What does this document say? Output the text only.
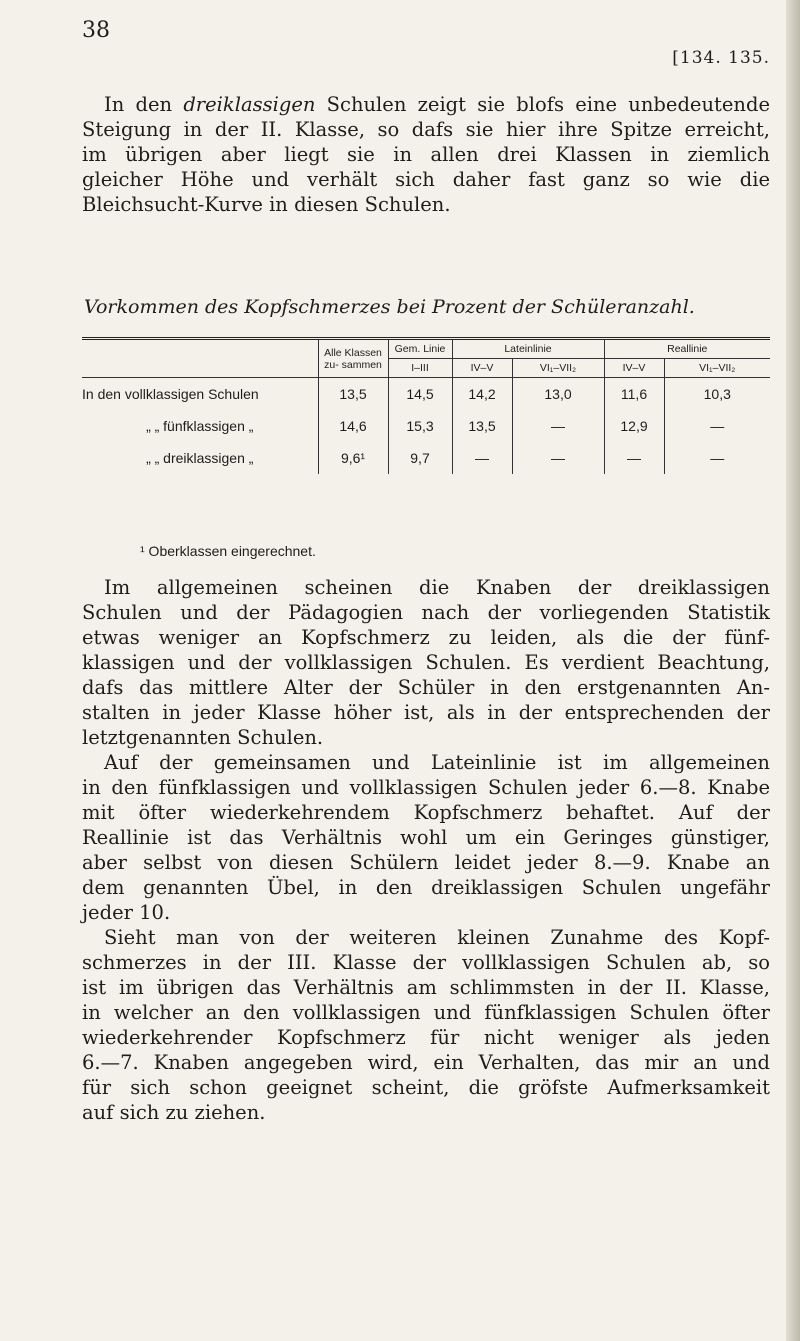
38
[134. 135.
In den dreiklassigen Schulen zeigt sie blofs eine unbedeutende
Steigung in der II. Klasse, so dafs sie hier ihre Spitze erreicht,
im übrigen aber liegt sie in allen drei Klassen in ziemlich
gleicher Höhe und verhält sich daher fast ganz so wie die
Bleichsucht-Kurve in diesen Schulen.
Vorkommen des Kopfschmerzes bei Prozent der Schüleranzahl.
	Alle Klassen zu- sammen	Gem. Linie	Lateinlinie		Reallinie	
		I–III	IV–V	VI₁–VII₂	IV–V	VI₁–VII₂
In den vollklassigen Schulen	13,5	14,5	14,2	13,0	11,6	10,3
„ „ fünfklassigen „	14,6	15,3	13,5	—	12,9	—
„ „ dreiklassigen „	9,6¹	9,7	—	—	—	—
¹ Oberklassen eingerechnet.
Im allgemeinen scheinen die Knaben der dreiklassigen
Schulen und der Pädagogien nach der vorliegenden Statistik
etwas weniger an Kopfschmerz zu leiden, als die der fünf-
klassigen und der vollklassigen Schulen. Es verdient Beachtung,
dafs das mittlere Alter der Schüler in den erstgenannten An-
stalten in jeder Klasse höher ist, als in der entsprechenden der
letztgenannten Schulen.
Auf der gemeinsamen und Lateinlinie ist im allgemeinen
in den fünfklassigen und vollklassigen Schulen jeder 6.—8. Knabe
mit öfter wiederkehrendem Kopfschmerz behaftet. Auf der
Reallinie ist das Verhältnis wohl um ein Geringes günstiger,
aber selbst von diesen Schülern leidet jeder 8.—9. Knabe an
dem genannten Übel, in den dreiklassigen Schulen ungefähr
jeder 10.
Sieht man von der weiteren kleinen Zunahme des Kopf-
schmerzes in der III. Klasse der vollklassigen Schulen ab, so
ist im übrigen das Verhältnis am schlimmsten in der II. Klasse,
in welcher an den vollklassigen und fünfklassigen Schulen öfter
wiederkehrender Kopfschmerz für nicht weniger als jeden
6.—7. Knaben angegeben wird, ein Verhalten, das mir an und
für sich schon geeignet scheint, die gröfste Aufmerksamkeit
auf sich zu ziehen.
